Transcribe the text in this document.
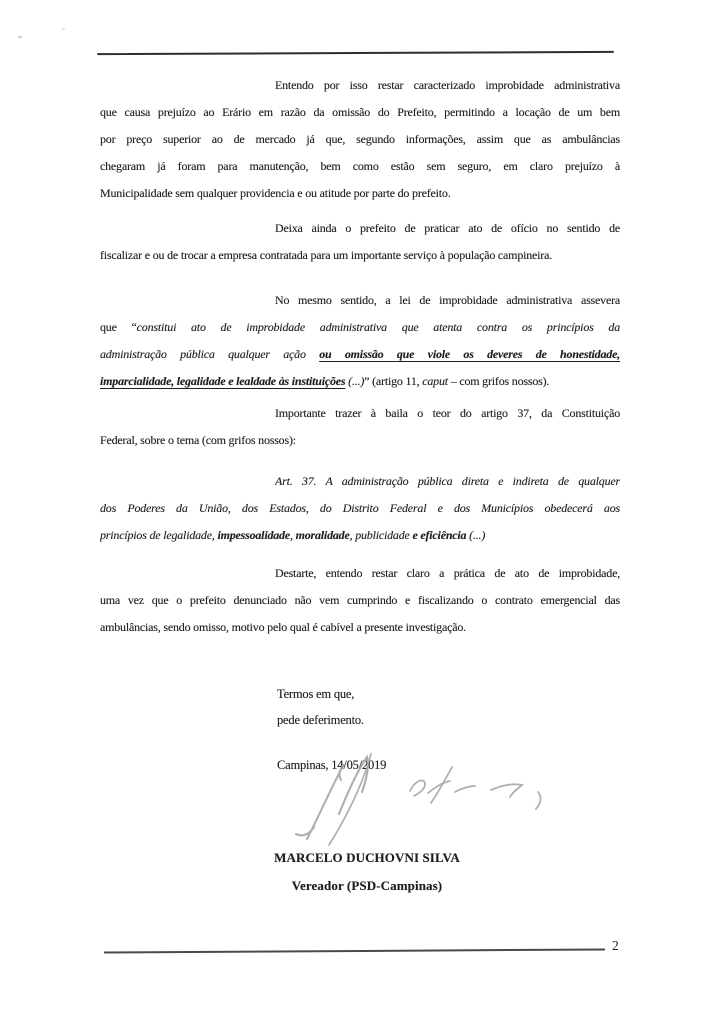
Entendo por isso restar caracterizado improbidade administrativa
que causa prejuízo ao Erário em razão da omissão do Prefeito, permitindo a locação de um bem
por preço superior ao de mercado já que, segundo informações, assim que as ambulâncias
chegaram já foram para manutenção, bem como estão sem seguro, em claro prejuízo à
Municipalidade sem qualquer providencia e ou atitude por parte do prefeito.
Deixa ainda o prefeito de praticar ato de ofício no sentido de
fiscalizar e ou de trocar a empresa contratada para um importante serviço à população campineira.
No mesmo sentido, a lei de improbidade administrativa assevera
que “constitui ato de improbidade administrativa que atenta contra os princípios da
administração pública qualquer ação ou omissão que viole os deveres de honestidade,
imparcialidade, legalidade e lealdade às instituições (...)” (artigo 11, caput – com grifos nossos).
Importante trazer à baila o teor do artigo 37, da Constituição
Federal, sobre o tema (com grifos nossos):
Art. 37. A administração pública direta e indireta de qualquer
dos Poderes da União, dos Estados, do Distrito Federal e dos Municípios obedecerá aos
princípios de legalidade, impessoalidade, moralidade, publicidade e eficiência (...)
Destarte, entendo restar claro a prática de ato de improbidade,
uma vez que o prefeito denunciado não vem cumprindo e fiscalizando o contrato emergencial das
ambulâncias, sendo omisso, motivo pelo qual é cabível a presente investigação.
Termos em que,
pede deferimento.
Campinas, 14/05/2019
MARCELO DUCHOVNI SILVA
Vereador (PSD-Campinas)
2
